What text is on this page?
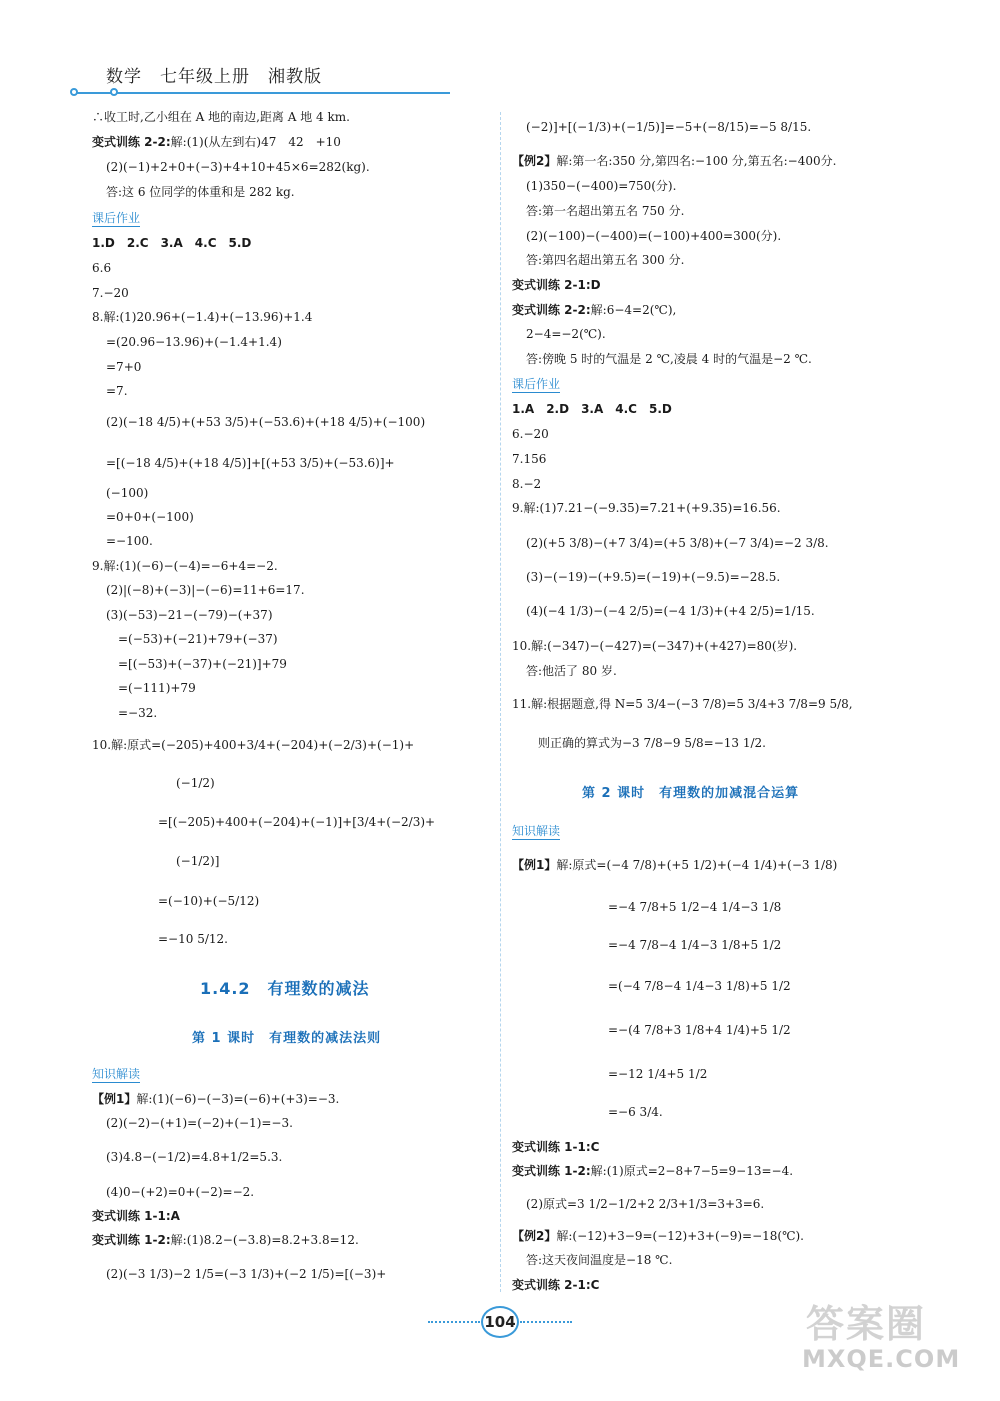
数学　七年级上册　湘教版
∴收工时,乙小组在 A 地的南边,距离 A 地 4 km.
变式训练 2-2:解:(1)(从左到右)47　42　+10
(2)(−1)+2+0+(−3)+4+10+45×6=282(kg).
答:这 6 位同学的体重和是 282 kg.
课后作业
1.D　2.C　3.A　4.C　5.D
6.6
7.−20
8.解:(1)20.96+(−1.4)+(−13.96)+1.4
=(20.96−13.96)+(−1.4+1.4)
=7+0
=7.
(2)(−18 4/5)+(+53 3/5)+(−53.6)+(+18 4/5)+(−100)
=[(−18 4/5)+(+18 4/5)]+[(+53 3/5)+(−53.6)]+
(−100)
=0+0+(−100)
=−100.
9.解:(1)(−6)−(−4)=−6+4=−2.
(2)|(−8)+(−3)|−(−6)=11+6=17.
(3)(−53)−21−(−79)−(+37)
=(−53)+(−21)+79+(−37)
=[(−53)+(−37)+(−21)]+79
=(−111)+79
=−32.
10.解:原式=(−205)+400+3/4+(−204)+(−2/3)+(−1)+
(−1/2)
=[(−205)+400+(−204)+(−1)]+[3/4+(−2/3)+
(−1/2)]
=(−10)+(−5/12)
=−10 5/12.
1.4.2　有理数的减法
第 1 课时　有理数的减法法则
知识解读
【例1】解:(1)(−6)−(−3)=(−6)+(+3)=−3.
(2)(−2)−(+1)=(−2)+(−1)=−3.
(3)4.8−(−1/2)=4.8+1/2=5.3.
(4)0−(+2)=0+(−2)=−2.
变式训练 1-1:A
变式训练 1-2:解:(1)8.2−(−3.8)=8.2+3.8=12.
(2)(−3 1/3)−2 1/5=(−3 1/3)+(−2 1/5)=[(−3)+
(−2)]+[(−1/3)+(−1/5)]=−5+(−8/15)=−5 8/15.
【例2】解:第一名:350 分,第四名:−100 分,第五名:−400分.
(1)350−(−400)=750(分).
答:第一名超出第五名 750 分.
(2)(−100)−(−400)=(−100)+400=300(分).
答:第四名超出第五名 300 分.
变式训练 2-1:D
变式训练 2-2:解:6−4=2(℃),
2−4=−2(℃).
答:傍晚 5 时的气温是 2 ℃,凌晨 4 时的气温是−2 ℃.
课后作业
1.A　2.D　3.A　4.C　5.D
6.−20
7.156
8.−2
9.解:(1)7.21−(−9.35)=7.21+(+9.35)=16.56.
(2)(+5 3/8)−(+7 3/4)=(+5 3/8)+(−7 3/4)=−2 3/8.
(3)−(−19)−(+9.5)=(−19)+(−9.5)=−28.5.
(4)(−4 1/3)−(−4 2/5)=(−4 1/3)+(+4 2/5)=1/15.
10.解:(−347)−(−427)=(−347)+(+427)=80(岁).
答:他活了 80 岁.
11.解:根据题意,得 N=5 3/4−(−3 7/8)=5 3/4+3 7/8=9 5/8,
则正确的算式为−3 7/8−9 5/8=−13 1/2.
第 2 课时　有理数的加减混合运算
知识解读
【例1】解:原式=(−4 7/8)+(+5 1/2)+(−4 1/4)+(−3 1/8)
=−4 7/8+5 1/2−4 1/4−3 1/8
=−4 7/8−4 1/4−3 1/8+5 1/2
=(−4 7/8−4 1/4−3 1/8)+5 1/2
=−(4 7/8+3 1/8+4 1/4)+5 1/2
=−12 1/4+5 1/2
=−6 3/4.
变式训练 1-1:C
变式训练 1-2:解:(1)原式=2−8+7−5=9−13=−4.
(2)原式=3 1/2−1/2+2 2/3+1/3=3+3=6.
【例2】解:(−12)+3−9=(−12)+3+(−9)=−18(℃).
答:这天夜间温度是−18 ℃.
变式训练 2-1:C
104	答案圈
MXQE.COM
